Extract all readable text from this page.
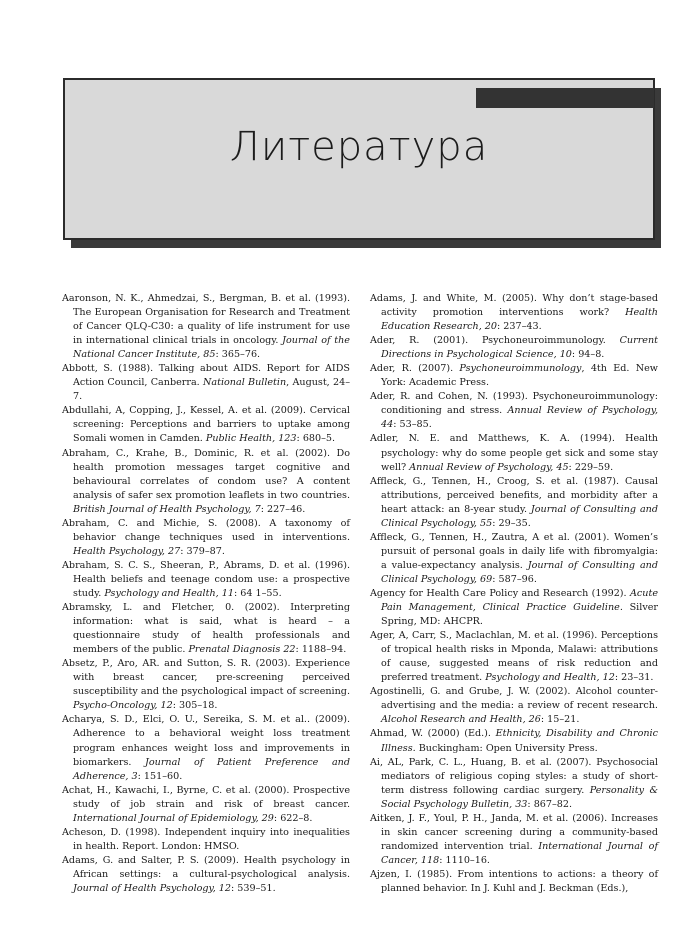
Литература

Aaronson, N. K., Ahmedzai, S., Bergman, B. et al. (1993). The European Organisation for Research and Treatment of Cancer QLQ-C30: a quality of life instrument for use in international clinical trials in oncology. Journal of the National Cancer Institute, 85: 365–76.

Abbott, S. (1988). Talking about AIDS. Report for AIDS Action Council, Canberra. National Bulletin, August, 24–7.

Abdullahi, A, Copping, J., Kessel, A. et al. (2009). Cervical screening: Perceptions and barriers to uptake among Somali women in Camden. Public Health, 123: 680–5.

Abraham, C., Krahe, B., Dominic, R. et al. (2002). Do health promotion messages target cognitive and behavioural correlates of condom use? A content analysis of safer sex promotion leaflets in two countries. British Journal of Health Psychology, 7: 227–46.

Abraham, C. and Michie, S. (2008). A taxonomy of behavior change techniques used in interventions. Health Psychology, 27: 379–87.

Abraham, S. C. S., Sheeran, P., Abrams, D. et al. (1996). Health beliefs and teenage condom use: a prospective study. Psychology and Health, 11: 64 1–55.

Abramsky, L. and Fletcher, 0. (2002). Interpreting information: what is said, what is heard – a questionnaire study of health professionals and members of the public. Prenatal Diagnosis 22: 1188–94.

Absetz, P., Aro, AR. and Sutton, S. R. (2003). Experience with breast cancer, pre-screening perceived susceptibility and the psychological impact of screening. Psycho-Oncology, 12: 305–18.

Acharya, S. D., Elci, O. U., Sereika, S. M. et al.. (2009). Adherence to a behavioral weight loss treatment program enhances weight loss and improvements in biomarkers. Journal of Patient Preference and Adherence, 3: 151–60.

Achat, H., Kawachi, I., Byrne, C. et al. (2000). Prospective study of job strain and risk of breast cancer. International Journal of Epidemiology, 29: 622–8.

Acheson, D. (1998). Independent inquiry into inequalities in health. Report. London: HMSO.

Adams, G. and Salter, P. S. (2009). Health psychology in African settings: a cultural-psychological analysis. Journal of Health Psychology, 12: 539–51.

Adams, J. and White, M. (2005). Why don’t stage-based activity promotion interventions work? Health Education Research, 20: 237–43.

Ader, R. (2001). Psychoneuroimmunology. Current Directions in Psychological Science, 10: 94–8.

Ader, R. (2007). Psychoneuroimmunology, 4th Ed. New York: Academic Press.

Ader, R. and Cohen, N. (1993). Psychoneuroimmunology: conditioning and stress. Annual Review of Psychology, 44: 53–85.

Adler, N. E. and Matthews, K. A. (1994). Health psychology: why do some people get sick and some stay well? Annual Review of Psychology, 45: 229–59.

Affleck, G., Tennen, H., Croog, S. et al. (1987). Causal attributions, perceived benefits, and morbidity after a heart attack: an 8-year study. Journal of Consulting and Clinical Psychology, 55: 29–35.

Affleck, G., Tennen, H., Zautra, A et al. (2001). Women’s pursuit of personal goals in daily life with fibromyalgia: a value-expectancy analysis. Journal of Consulting and Clinical Psychology, 69: 587–96.

Agency for Health Care Policy and Research (1992). Acute Pain Management, Clinical Practice Guideline. Silver Spring, MD: AHCPR.

Ager, A, Carr, S., Maclachlan, M. et al. (1996). Perceptions of tropical health risks in Mponda, Malawi: attributions of cause, suggested means of risk reduction and preferred treatment. Psychology and Health, 12: 23–31.

Agostinelli, G. and Grube, J. W. (2002). Alcohol counter-advertising and the media: a review of recent research. Alcohol Research and Health, 26: 15–21.

Ahmad, W. (2000) (Ed.). Ethnicity, Disability and Chronic Illness. Buckingham: Open University Press.

Ai, AL, Park, C. L., Huang, B. et al. (2007). Psychosocial mediators of religious coping styles: a study of short-term distress following cardiac surgery. Personality & Social Psychology Bulletin, 33: 867–82.

Aitken, J. F., Youl, P. H., Janda, M. et al. (2006). Increases in skin cancer screening during a community-based randomized intervention trial. International Journal of Cancer, 118: 1110–16.

Ajzen, I. (1985). From intentions to actions: a theory of planned behavior. In J. Kuhl and J. Beckman (Eds.),
